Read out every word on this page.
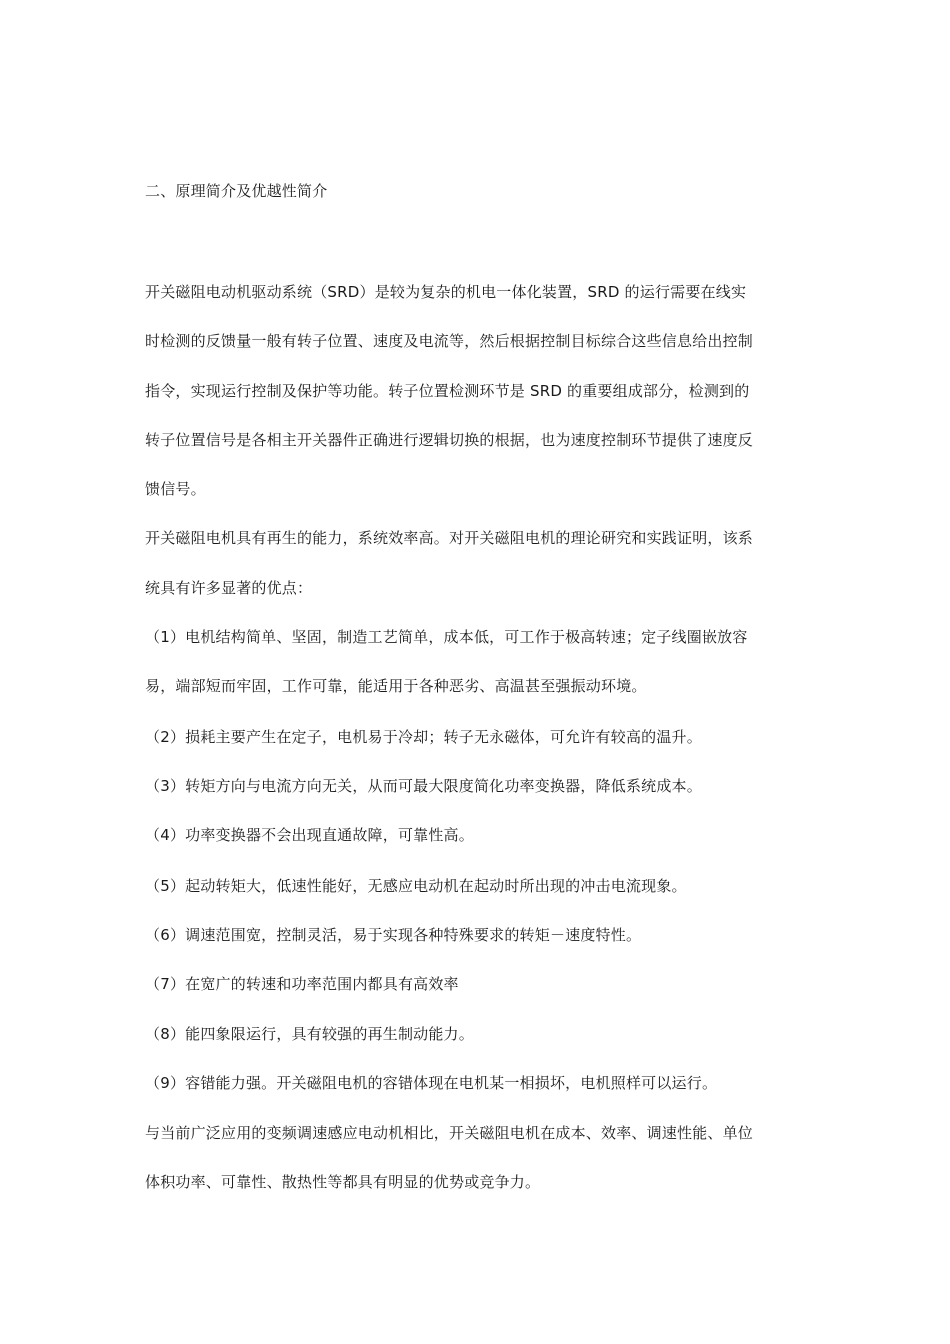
二、原理简介及优越性简介
开关磁阻电动机驱动系统（SRD）是较为复杂的机电一体化装置，SRD 的运行需要在线实
时检测的反馈量一般有转子位置、速度及电流等，然后根据控制目标综合这些信息给出控制
指令，实现运行控制及保护等功能。转子位置检测环节是 SRD 的重要组成部分，检测到的
转子位置信号是各相主开关器件正确进行逻辑切换的根据，也为速度控制环节提供了速度反
馈信号。
开关磁阻电机具有再生的能力，系统效率高。对开关磁阻电机的理论研究和实践证明，该系
统具有许多显著的优点：
（1）电机结构简单、坚固，制造工艺简单，成本低，可工作于极高转速；定子线圈嵌放容
易，端部短而牢固，工作可靠，能适用于各种恶劣、高温甚至强振动环境。
（2）损耗主要产生在定子，电机易于冷却；转子无永磁体，可允许有较高的温升。
（3）转矩方向与电流方向无关，从而可最大限度简化功率变换器，降低系统成本。
（4）功率变换器不会出现直通故障，可靠性高。
（5）起动转矩大，低速性能好，无感应电动机在起动时所出现的冲击电流现象。
（6）调速范围宽，控制灵活，易于实现各种特殊要求的转矩－速度特性。
（7）在宽广的转速和功率范围内都具有高效率
（8）能四象限运行，具有较强的再生制动能力。
（9）容错能力强。开关磁阻电机的容错体现在电机某一相损坏，电机照样可以运行。
与当前广泛应用的变频调速感应电动机相比，开关磁阻电机在成本、效率、调速性能、单位
体积功率、可靠性、散热性等都具有明显的优势或竞争力。
